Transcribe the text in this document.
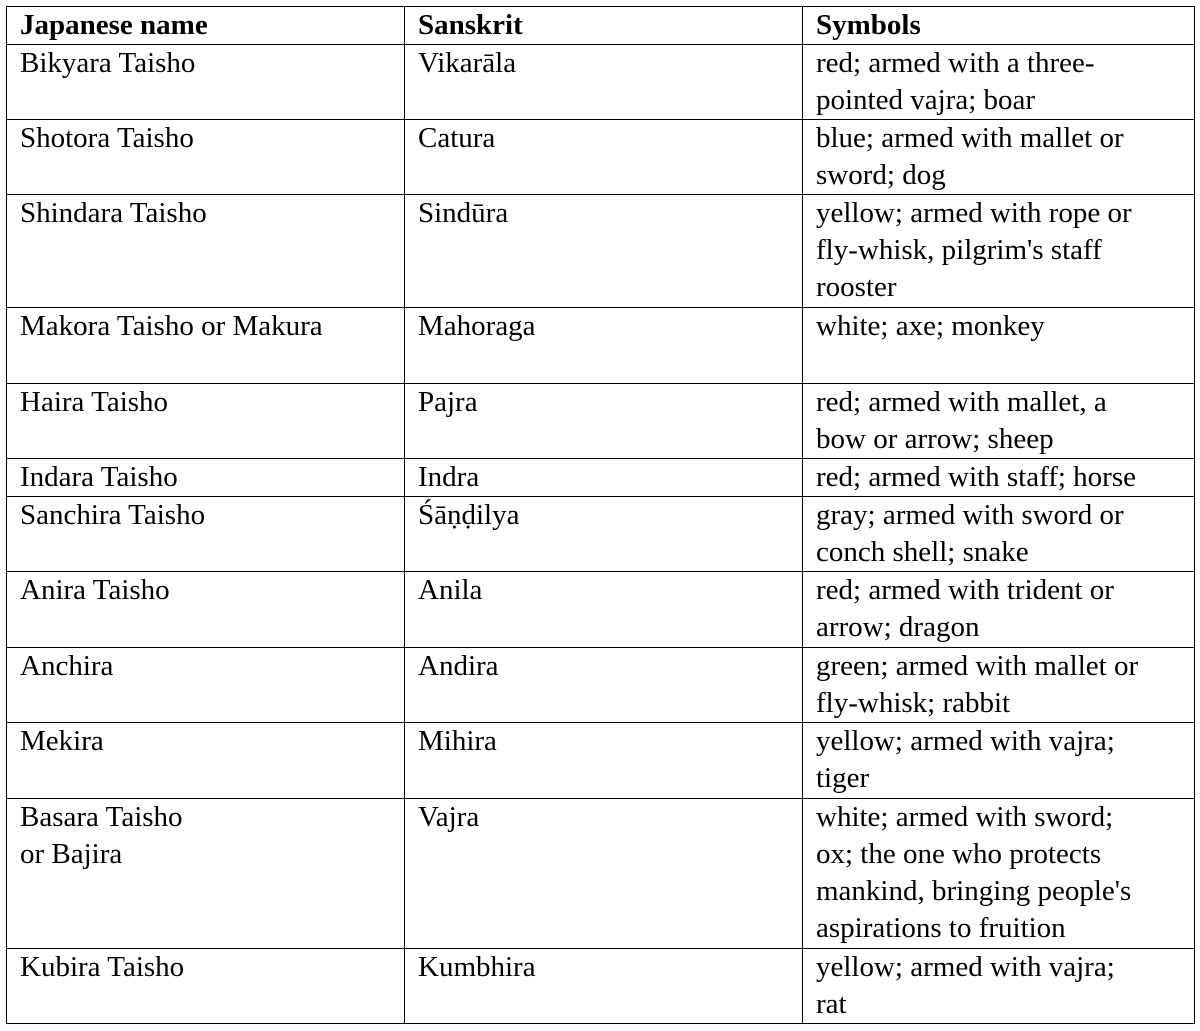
Japanese name	Sanskrit	Symbols
Bikyara Taisho	Vikarāla	red; armed with a three-
pointed vajra; boar
Shotora Taisho	Catura	blue; armed with mallet or
sword; dog
Shindara Taisho	Sindūra	yellow; armed with rope or
fly-whisk, pilgrim's staff
rooster
Makora Taisho or Makura	Mahoraga	white; axe; monkey
Haira Taisho	Pajra	red; armed with mallet, a
bow or arrow; sheep
Indara Taisho	Indra	red; armed with staff; horse
Sanchira Taisho	Śāṇḍilya	gray; armed with sword or
conch shell; snake
Anira Taisho	Anila	red; armed with trident or
arrow; dragon
Anchira	Andira	green; armed with mallet or
fly-whisk; rabbit
Mekira	Mihira	yellow; armed with vajra;
tiger
Basara Taisho
or Bajira	Vajra	white; armed with sword;
ox; the one who protects
mankind, bringing people's
aspirations to fruition
Kubira Taisho	Kumbhira	yellow; armed with vajra;
rat
